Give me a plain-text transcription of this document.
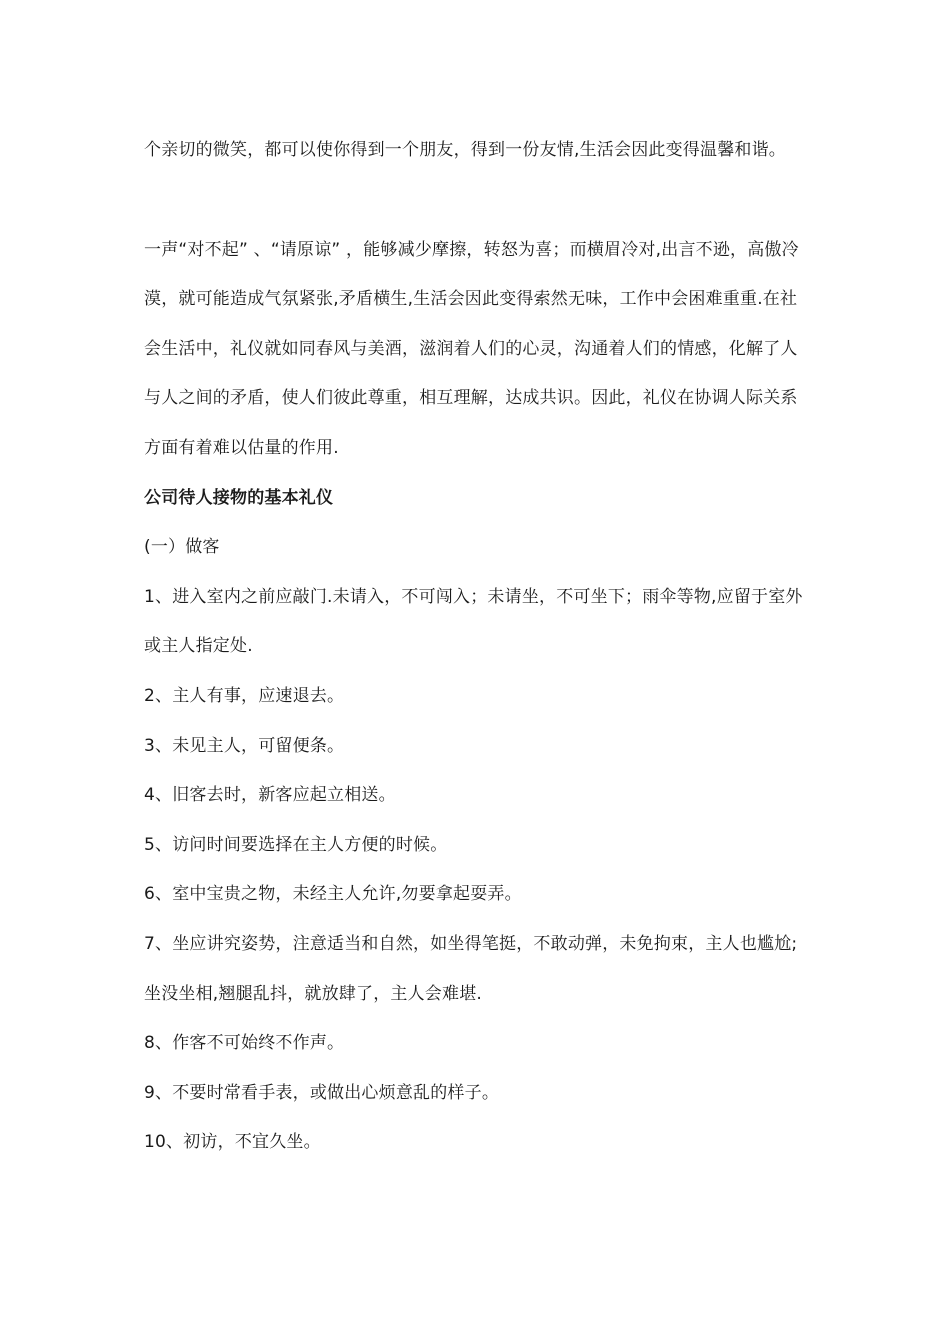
个亲切的微笑，都可以使你得到一个朋友，得到一份友情,生活会因此变得温馨和谐。

一声“对不起” 、“请原谅” ，能够减少摩擦，转怒为喜；而横眉冷对,出言不逊，高傲冷漠，就可能造成气氛紧张,矛盾横生,生活会因此变得索然无味，工作中会困难重重.在社会生活中，礼仪就如同春风与美酒，滋润着人们的心灵，沟通着人们的情感，化解了人与人之间的矛盾，使人们彼此尊重，相互理解，达成共识。因此，礼仪在协调人际关系方面有着难以估量的作用.

公司待人接物的基本礼仪

(一）做客

1、进入室内之前应敲门.未请入，不可闯入；未请坐，不可坐下；雨伞等物,应留于室外或主人指定处.

2、主人有事，应速退去。

3、未见主人，可留便条。

4、旧客去时，新客应起立相送。

5、访问时间要选择在主人方便的时候。

6、室中宝贵之物，未经主人允许,勿要拿起耍弄。

7、坐应讲究姿势，注意适当和自然，如坐得笔挺，不敢动弹，未免拘束，主人也尴尬;坐没坐相,翘腿乱抖，就放肆了，主人会难堪.

8、作客不可始终不作声。

9、不要时常看手表，或做出心烦意乱的样子。

10、初访，不宜久坐。
